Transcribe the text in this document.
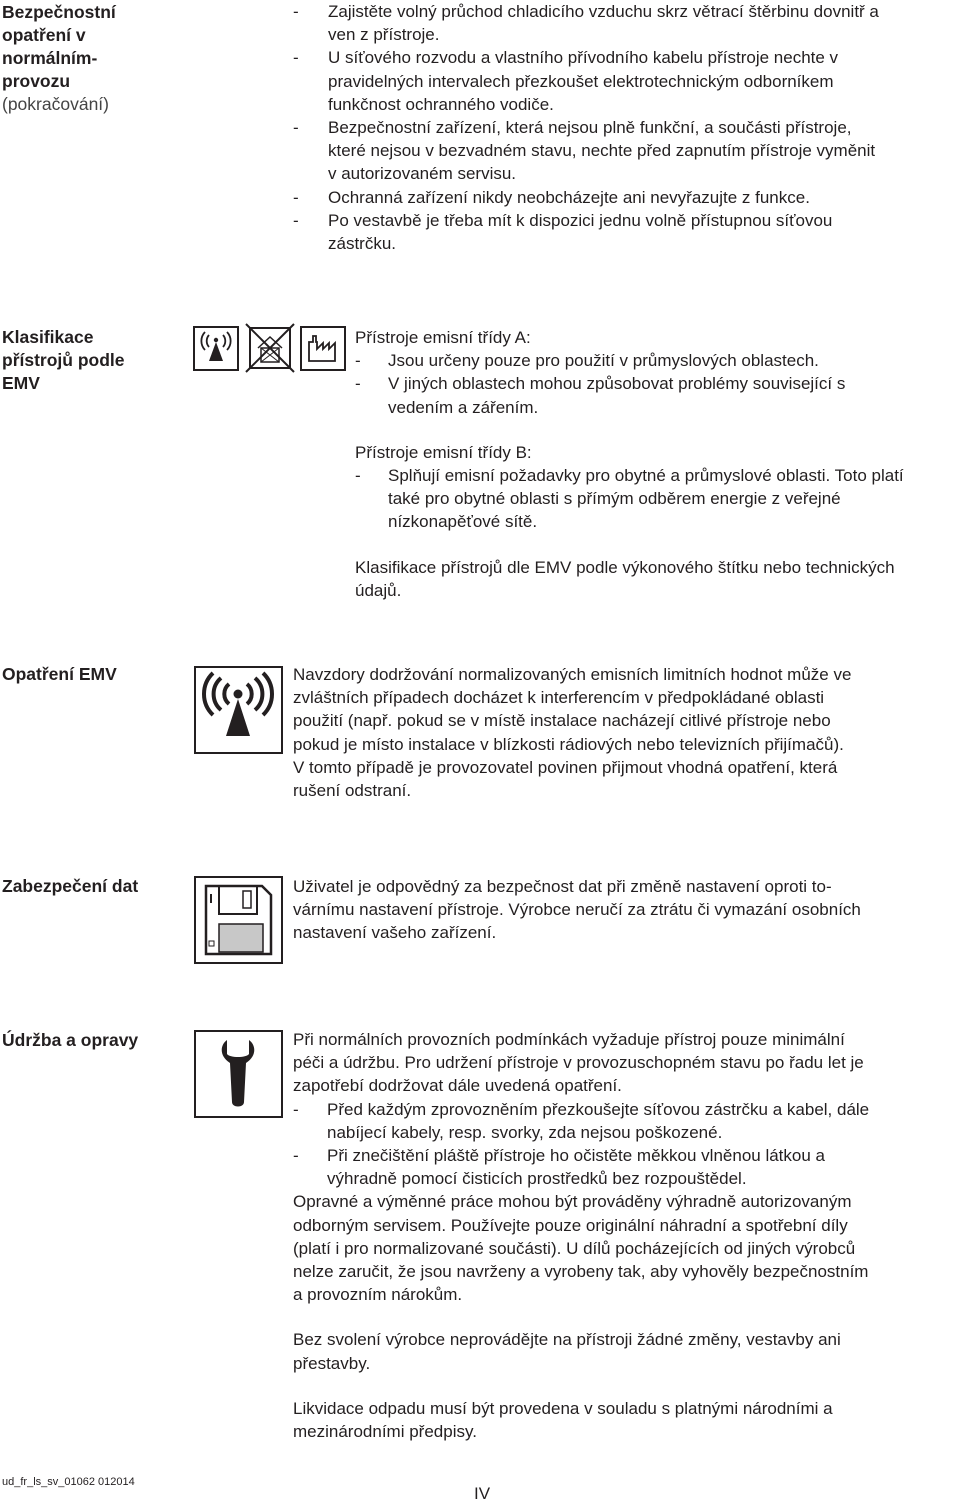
Bezpečnostní
opatření v
normálním-
provozu
(pokračování)
- Zajistěte volný průchod chladicího vzduchu skrz větrací štěrbinu dovnitř a
ven z přístroje.
- U síťového rozvodu a vlastního přívodního kabelu přístroje nechte v
pravidelných intervalech přezkoušet elektrotechnickým odborníkem
funkčnost ochranného vodiče.
- Bezpečnostní zařízení, která nejsou plně funkční, a součásti přístroje,
které nejsou v bezvadném stavu, nechte před zapnutím přístroje vyměnit
v autorizovaném servisu.
- Ochranná zařízení nikdy neobcházejte ani nevyřazujte z funkce.
- Po vestavbě je třeba mít k dispozici jednu volně přístupnou síťovou
zástrčku.
Klasifikace
přístrojů podle
EMV
Přístroje emisní třídy A:
- Jsou určeny pouze pro použití v průmyslových oblastech.
- V jiných oblastech mohou způsobovat problémy související s
vedením a zářením.
Přístroje emisní třídy B:
- Splňují emisní požadavky pro obytné a průmyslové oblasti. Toto platí
také pro obytné oblasti s přímým odběrem energie z veřejné
nízkonapěťové sítě.
Klasifikace přístrojů dle EMV podle výkonového štítku nebo technických
údajů.
Opatření EMV	Navzdory dodržování normalizovaných emisních limitních hodnot může ve
zvláštních případech docházet k interferencím v předpokládané oblasti
použití (např. pokud se v místě instalace nacházejí citlivé přístroje nebo
pokud je místo instalace v blízkosti rádiových nebo televizních přijímačů).
V tomto případě je provozovatel povinen přijmout vhodná opatření, která
rušení odstraní.
Zabezpečení dat	Uživatel je odpovědný za bezpečnost dat při změně nastavení oproti to-
várnímu nastavení přístroje. Výrobce neručí za ztrátu či vymazání osobních
nastavení vašeho zařízení.
Údržba a opravy	Při normálních provozních podmínkách vyžaduje přístroj pouze minimální
péči a údržbu. Pro udržení přístroje v provozuschopném stavu po řadu let je
zapotřebí dodržovat dále uvedená opatření.
- Před každým zprovozněním přezkoušejte síťovou zástrčku a kabel, dále
nabíjecí kabely, resp. svorky, zda nejsou poškozené.
- Při znečištění pláště přístroje ho očistěte měkkou vlněnou látkou a
výhradně pomocí čisticích prostředků bez rozpouštědel.
Opravné a výměnné práce mohou být prováděny výhradně autorizovaným
odborným servisem. Používejte pouze originální náhradní a spotřební díly
(platí i pro normalizované součásti). U dílů pocházejících od jiných výrobců
nelze zaručit, že jsou navrženy a vyrobeny tak, aby vyhověly bezpečnostním
a provozním nárokům.
Bez svolení výrobce neprovádějte na přístroji žádné změny, vestavby ani
přestavby.
Likvidace odpadu musí být provedena v souladu s platnými národními a
mezinárodními předpisy.
ud_fr_ls_sv_01062 012014
IV
